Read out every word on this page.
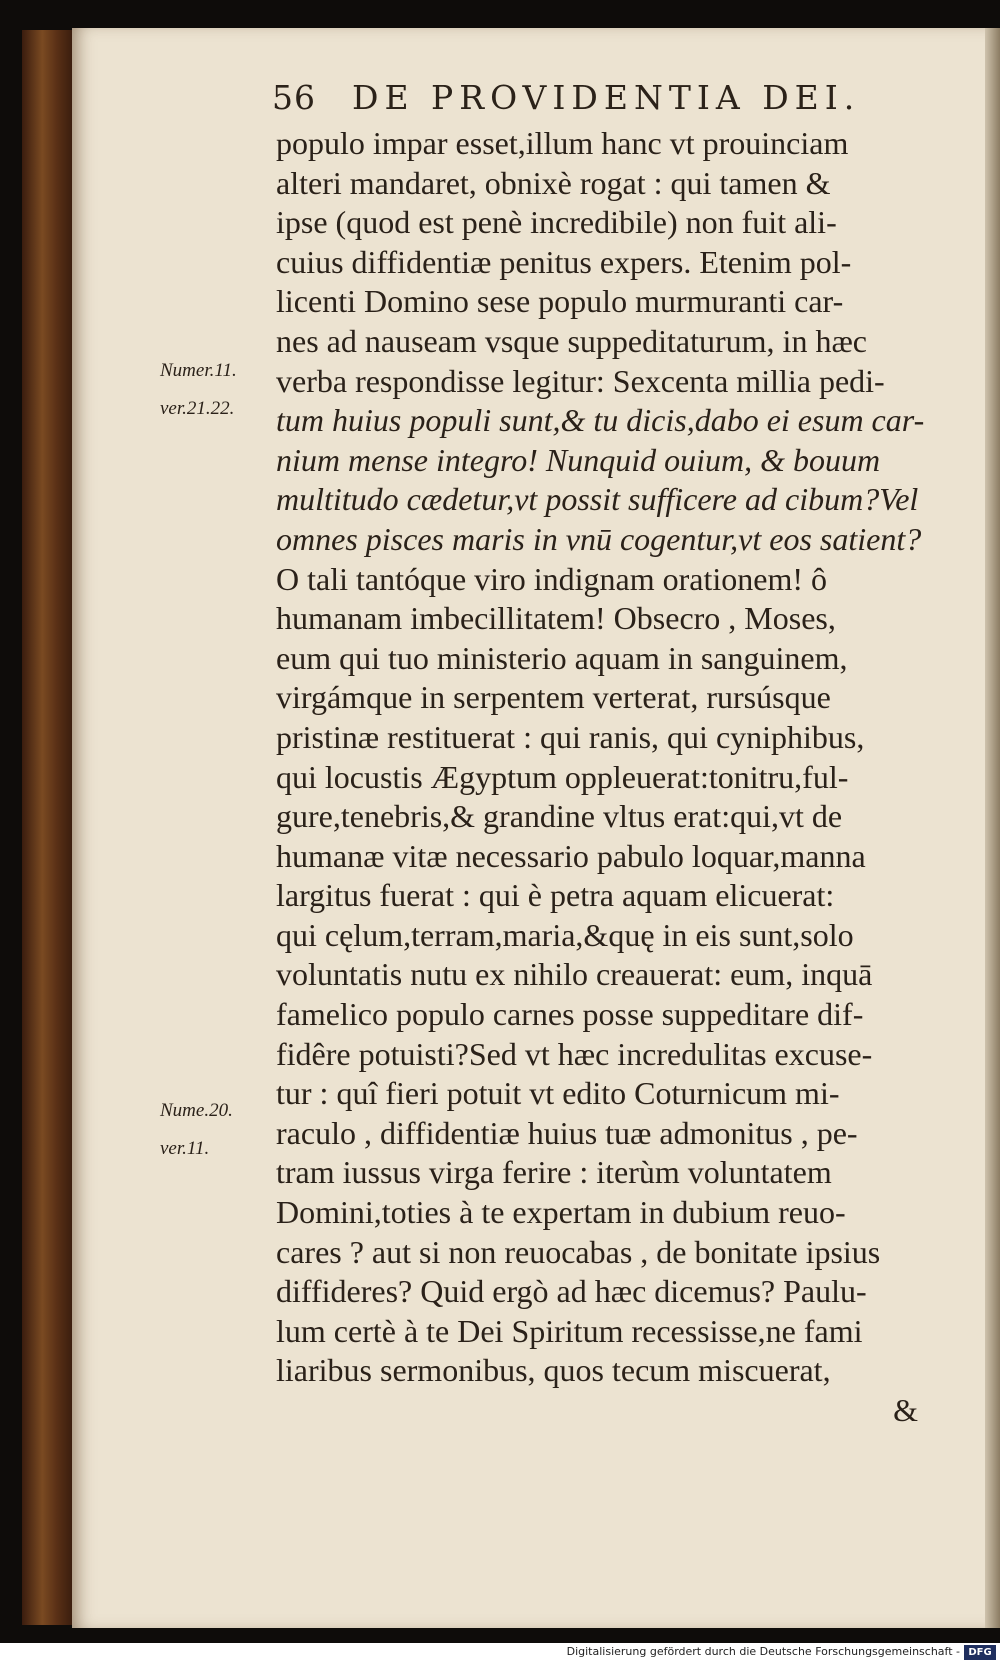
56 DE PROVIDENTIA DEI.
Numer.11.
ver.21.22.
Nume.20.
ver.11.
populo impar esset,illum hanc vt prouinciam
alteri mandaret, obnixè rogat : qui tamen &
ipse (quod est penè incredibile) non fuit ali-
cuius diffidentiæ penitus expers. Etenim pol-
licenti Domino sese populo murmuranti car-
nes ad nauseam vsque suppeditaturum, in hæc
verba respondisse legitur: Sexcenta millia pedi-
tum huius populi sunt,& tu dicis,dabo ei esum car-
nium mense integro! Nunquid ouium, & bouum
multitudo cædetur,vt possit sufficere ad cibum?Vel
omnes pisces maris in vnū cogentur,vt eos satient?
O tali tantóque viro indignam orationem! ô
humanam imbecillitatem! Obsecro , Moses,
eum qui tuo ministerio aquam in sanguinem,
virgámque in serpentem verterat, rursúsque
pristinæ restituerat : qui ranis, qui cyniphibus,
qui locustis Ægyptum oppleuerat:tonitru,ful-
gure,tenebris,& grandine vltus erat:qui,vt de
humanæ vitæ necessario pabulo loquar,manna
largitus fuerat : qui è petra aquam elicuerat:
qui cęlum,terram,maria,&quę in eis sunt,solo
voluntatis nutu ex nihilo creauerat: eum, inquā
famelico populo carnes posse suppeditare dif-
fidêre potuisti?Sed vt hæc incredulitas excuse-
tur : quî fieri potuit vt edito Coturnicum mi-
raculo , diffidentiæ huius tuæ admonitus , pe-
tram iussus virga ferire : iterùm voluntatem
Domini,toties à te expertam in dubium reuo-
cares ? aut si non reuocabas , de bonitate ipsius
diffideres? Quid ergò ad hæc dicemus? Paulu-
lum certè à te Dei Spiritum recessisse,ne fami
liaribus sermonibus, quos tecum miscuerat,
&
Digitalisierung gefördert durch die Deutsche Forschungsgemeinschaft - DFG
